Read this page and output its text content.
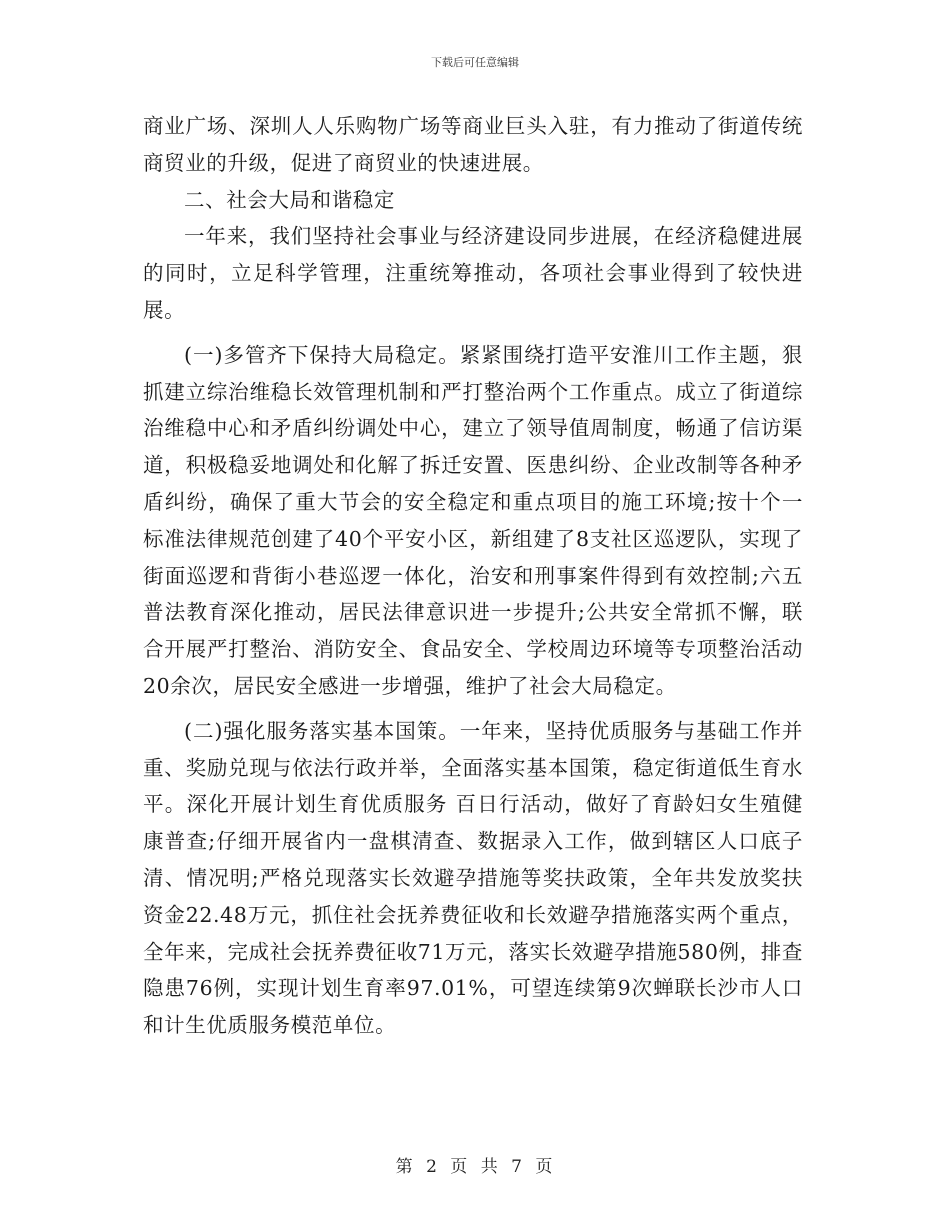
下载后可任意编辑

商业广场、深圳人人乐购物广场等商业巨头入驻，有力推动了街道传统商贸业的升级，促进了商贸业的快速进展。

二、社会大局和谐稳定

一年来，我们坚持社会事业与经济建设同步进展，在经济稳健进展的同时，立足科学管理，注重统筹推动，各项社会事业得到了较快进展。

(一)多管齐下保持大局稳定。紧紧围绕打造平安淮川工作主题，狠抓建立综治维稳长效管理机制和严打整治两个工作重点。成立了街道综治维稳中心和矛盾纠纷调处中心，建立了领导值周制度，畅通了信访渠道，积极稳妥地调处和化解了拆迁安置、医患纠纷、企业改制等各种矛盾纠纷，确保了重大节会的安全稳定和重点项目的施工环境;按十个一标准法律规范创建了40个平安小区，新组建了8支社区巡逻队，实现了街面巡逻和背街小巷巡逻一体化，治安和刑事案件得到有效控制;六五普法教育深化推动，居民法律意识进一步提升;公共安全常抓不懈，联合开展严打整治、消防安全、食品安全、学校周边环境等专项整治活动20余次，居民安全感进一步增强，维护了社会大局稳定。

(二)强化服务落实基本国策。一年来，坚持优质服务与基础工作并重、奖励兑现与依法行政并举，全面落实基本国策，稳定街道低生育水平。深化开展计划生育优质服务 百日行活动，做好了育龄妇女生殖健康普查;仔细开展省内一盘棋清查、数据录入工作，做到辖区人口底子清、情况明;严格兑现落实长效避孕措施等奖扶政策，全年共发放奖扶资金22.48万元，抓住社会抚养费征收和长效避孕措施落实两个重点，全年来，完成社会抚养费征收71万元，落实长效避孕措施580例，排查隐患76例，实现计划生育率97.01%，可望连续第9次蝉联长沙市人口和计生优质服务模范单位。

第 2 页 共 7 页
